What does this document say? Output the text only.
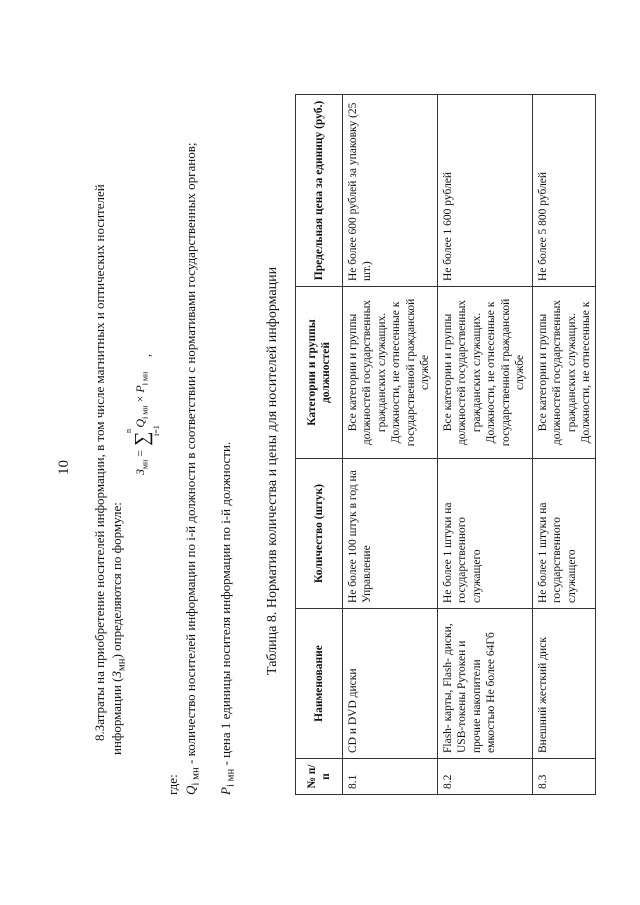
10 8.Затраты на приобретение носителей информации, в том числе магнитных и оптических носителей информации $(З_{мн})$ определяются по формуле:
$З_{мн}$ = ∑
n i=1
$Q_{i мн} \times P_{i мн}$
,
где: $Q_{i мн}$ - количество носителей информации по i-й должности в соответствии с нормативами государственных органов;
$P_{i мн}$ - цена 1 единицы носителя информации по i-й должности. Таблица 8. Норматив количества и цены для носителей информации
№ п/п	Наименование	Количество (штук)	Категории и группы должностей	Предельная цена за единицу (руб.)
8.1	CD и DVD диски	Не более 100 штук в год на Управление	Все категории и группы должностей государственных гражданских служащих. Должности, не отнесенные к государственной гражданской службе	Не более 600 рублей за упаковку (25 шт.)
8.2	Flash- карты, Flash- диски, USB-токены Рутокен и прочие накопители емкостью Не более 64Гб	Не более 1 штуки на государственного служащего	Все категории и группы должностей государственных гражданских служащих. Должности, не отнесенные к государственной гражданской службе	Не более 1 600 рублей
8.3	Внешний жесткий диск	Не более 1 штуки на государственного служащего	Все категории и группы должностей государственных гражданских служащих. Должности, не отнесенные к	Не более 5 800 рублей
